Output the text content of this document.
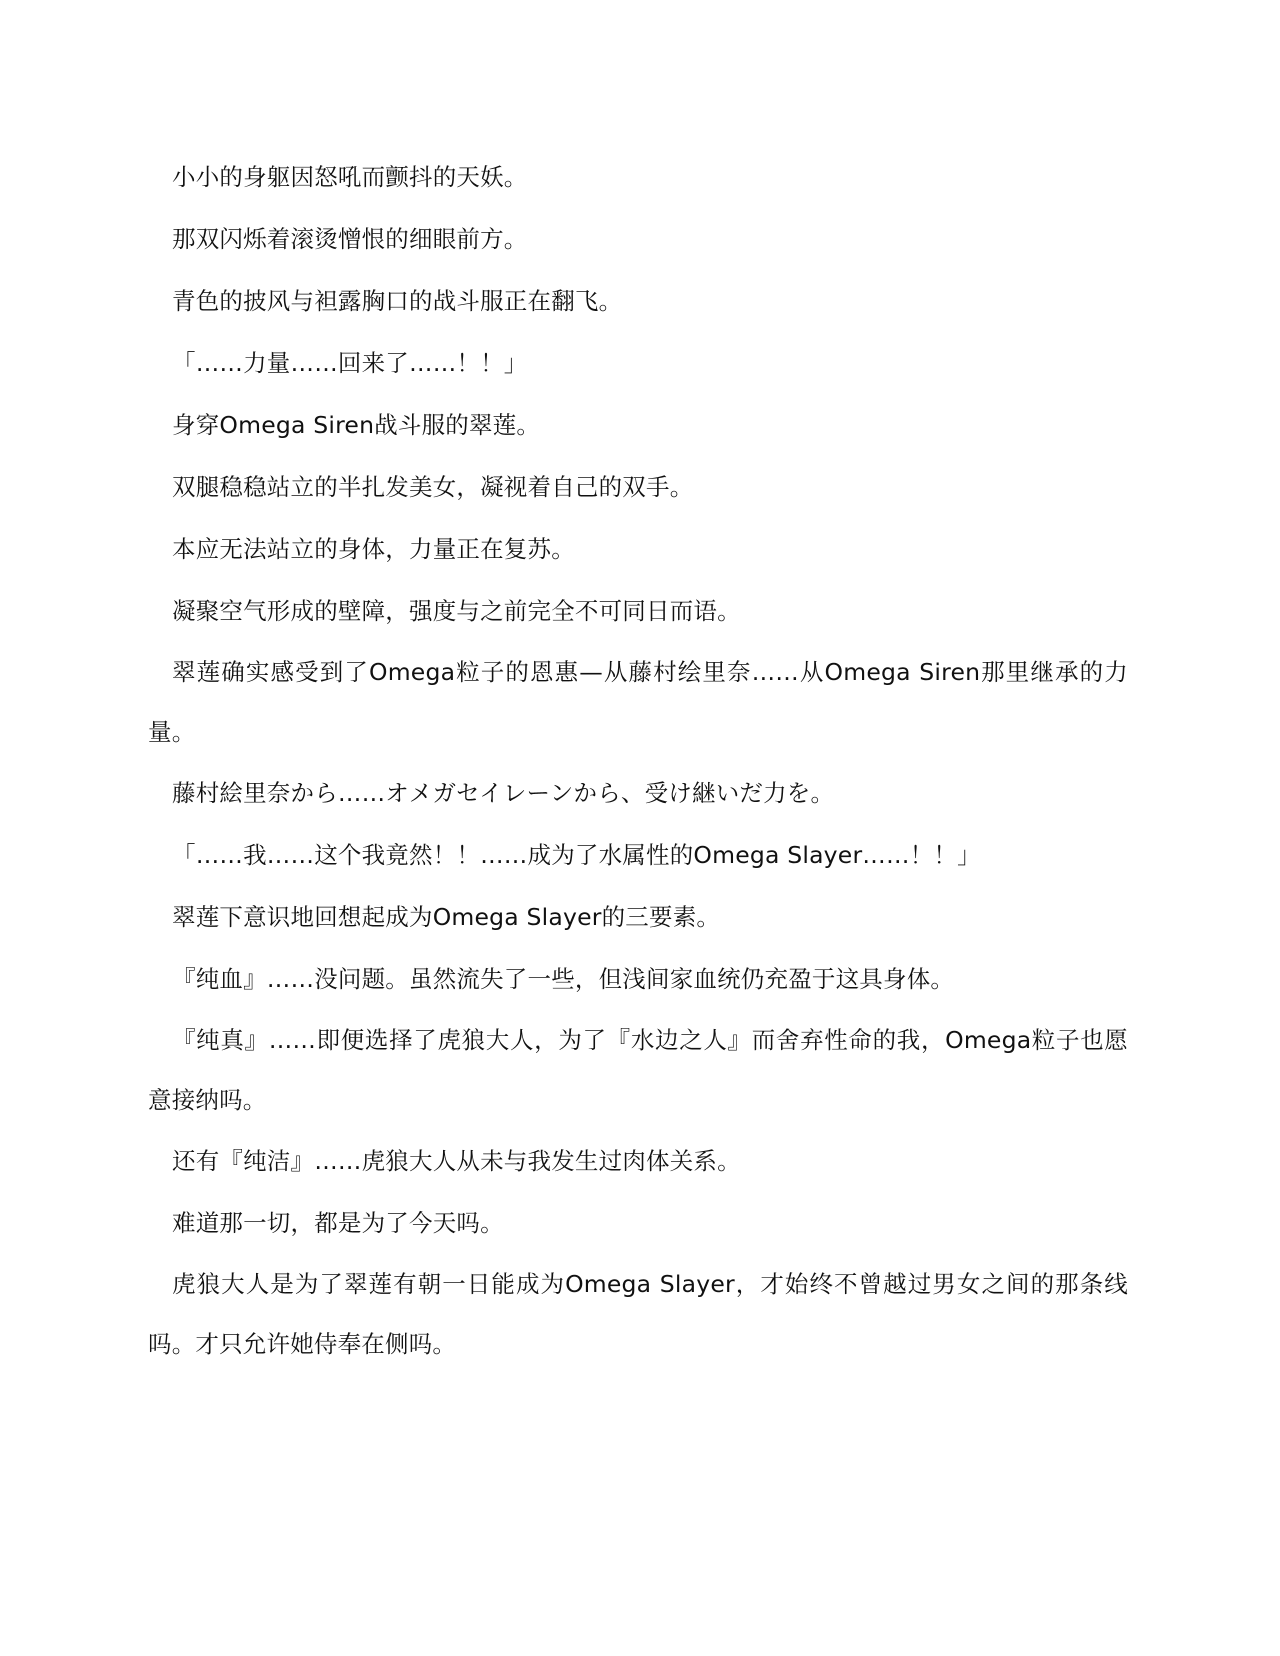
小小的身躯因怒吼而颤抖的天妖。

那双闪烁着滚烫憎恨的细眼前方。

青色的披风与袒露胸口的战斗服正在翻飞。

「……力量……回来了……！！」

身穿Omega Siren战斗服的翠莲。

双腿稳稳站立的半扎发美女，凝视着自己的双手。

本应无法站立的身体，力量正在复苏。

凝聚空气形成的壁障，强度与之前完全不可同日而语。

翠莲确实感受到了Omega粒子的恩惠—从藤村绘里奈……从Omega Siren那里继承的力量。

藤村絵里奈から……オメガセイレーンから、受け継いだ力を。

「……我……这个我竟然！！……成为了水属性的Omega Slayer……！！」

翠莲下意识地回想起成为Omega Slayer的三要素。

『纯血』……没问题。虽然流失了一些，但浅间家血统仍充盈于这具身体。

『纯真』……即便选择了虎狼大人，为了『水边之人』而舍弃性命的我，Omega粒子也愿意接纳吗。

还有『纯洁』……虎狼大人从未与我发生过肉体关系。

难道那一切，都是为了今天吗。

虎狼大人是为了翠莲有朝一日能成为Omega Slayer，才始终不曾越过男女之间的那条线吗。才只允许她侍奉在侧吗。
